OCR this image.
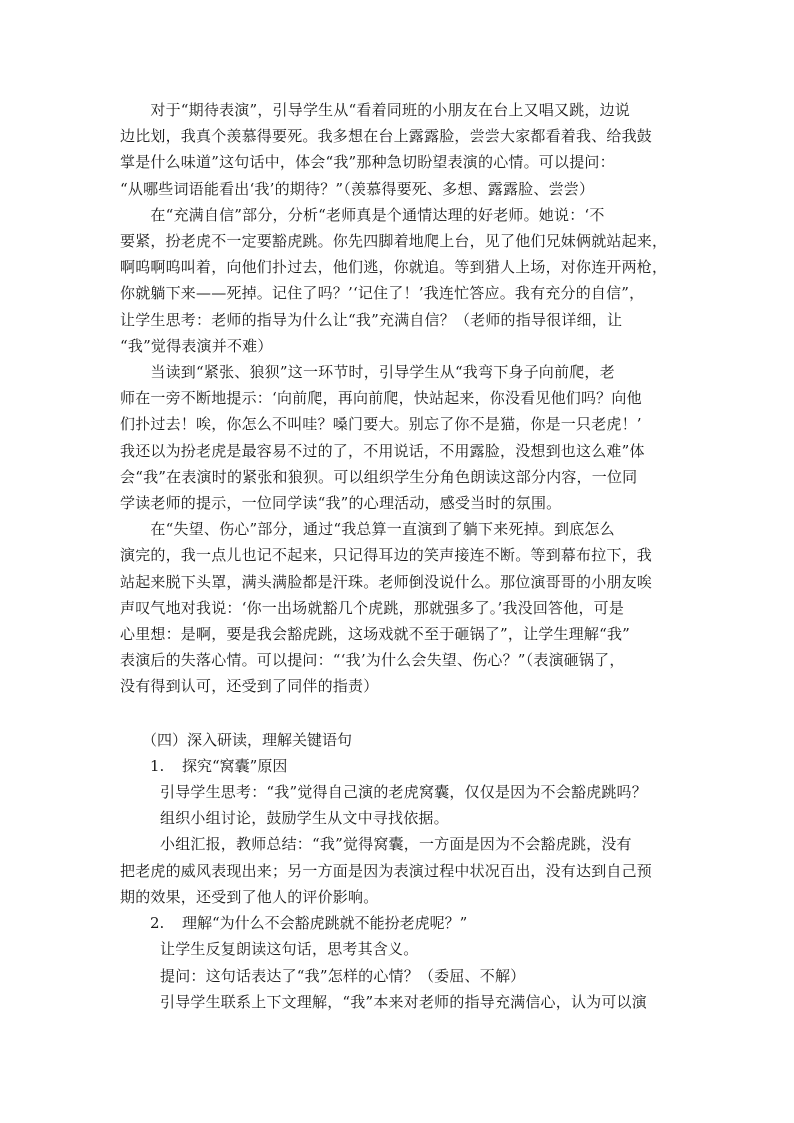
　　对于“期待表演”，引导学生从“看着同班的小朋友在台上又唱又跳，边说
边比划，我真个羡慕得要死。我多想在台上露露脸，尝尝大家都看着我、给我鼓
掌是什么味道”这句话中，体会“我”那种急切盼望表演的心情。可以提问：
“从哪些词语能看出‘我’的期待？”（羡慕得要死、多想、露露脸、尝尝）
　　在“充满自信”部分，分析“老师真是个通情达理的好老师。她说：‘不
要紧，扮老虎不一定要豁虎跳。你先四脚着地爬上台，见了他们兄妹俩就站起来，
啊呜啊呜叫着，向他们扑过去，他们逃，你就追。等到猎人上场，对你连开两枪，
你就躺下来——死掉。记住了吗？’‘记住了！’我连忙答应。我有充分的自信”，
让学生思考：老师的指导为什么让“我”充满自信？（老师的指导很详细，让
“我”觉得表演并不难）
　　当读到“紧张、狼狈”这一环节时，引导学生从“我弯下身子向前爬，老
师在一旁不断地提示：‘向前爬，再向前爬，快站起来，你没看见他们吗？向他
们扑过去！唉，你怎么不叫哇？嗓门要大。别忘了你不是猫，你是一只老虎！’
我还以为扮老虎是最容易不过的了，不用说话，不用露脸，没想到也这么难”体
会“我”在表演时的紧张和狼狈。可以组织学生分角色朗读这部分内容，一位同
学读老师的提示，一位同学读“我”的心理活动，感受当时的氛围。
　　在“失望、伤心”部分，通过“我总算一直演到了躺下来死掉。到底怎么
演完的，我一点儿也记不起来，只记得耳边的笑声接连不断。等到幕布拉下，我
站起来脱下头罩，满头满脸都是汗珠。老师倒没说什么。那位演哥哥的小朋友唉
声叹气地对我说：‘你一出场就豁几个虎跳，那就强多了。’我没回答他，可是
心里想：是啊，要是我会豁虎跳，这场戏就不至于砸锅了”，让学生理解“我”
表演后的失落心情。可以提问：“‘我’为什么会失望、伤心？”（表演砸锅了，
没有得到认可，还受到了同伴的指责）
（四）深入研读，理解关键语句
1. 探究“窝囊”原因
引导学生思考：“我”觉得自己演的老虎窝囊，仅仅是因为不会豁虎跳吗？
组织小组讨论，鼓励学生从文中寻找依据。
小组汇报，教师总结：“我”觉得窝囊，一方面是因为不会豁虎跳，没有
把老虎的威风表现出来；另一方面是因为表演过程中状况百出，没有达到自己预
期的效果，还受到了他人的评价影响。
2. 理解“为什么不会豁虎跳就不能扮老虎呢？”
让学生反复朗读这句话，思考其含义。
提问：这句话表达了“我”怎样的心情？（委屈、不解）
引导学生联系上下文理解，“我”本来对老师的指导充满信心，认为可以演
